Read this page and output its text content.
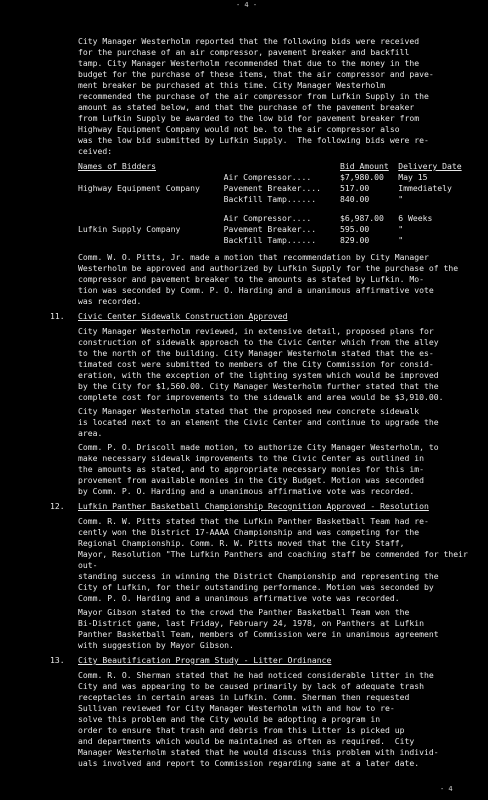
- 4 -
City Manager Westerholm reported that the following bids were received
for the purchase of an air compressor, pavement breaker and backfill
tamp. City Manager Westerholm recommended that due to the money in the
budget for the purchase of these items, that the air compressor and pave-
ment breaker be purchased at this time. City Manager Westerholm
recommended the purchase of the air compressor from Lufkin Supply in the
amount as stated below, and that the purchase of the pavement breaker
from Lufkin Supply be awarded to the low bid for pavement breaker from
Highway Equipment Company would not be. to the air compressor also
was the low bid submitted by Lufkin Supply.  The following bids were re-
ceived:
Names of Bidders		Bid Amount	Delivery Date
	Air Compressor....	$7,980.00	May 15
Highway Equipment Company	Pavement Breaker....	517.00	Immediately
	Backfill Tamp......	840.00	"

	Air Compressor....	$6,987.00	6 Weeks
Lufkin Supply Company	Pavement Breaker...	595.00	"
	Backfill Tamp......	829.00	"
Comm. W. O. Pitts, Jr. made a motion that recommendation by City Manager
Westerholm be approved and authorized by Lufkin Supply for the purchase of the
compressor and pavement breaker to the amounts as stated by Lufkin. Mo-
tion was seconded by Comm. P. O. Harding and a unanimous affirmative vote
was recorded.
11. Civic Center Sidewalk Construction Approved
City Manager Westerholm reviewed, in extensive detail, proposed plans for
construction of sidewalk approach to the Civic Center which from the alley
to the north of the building. City Manager Westerholm stated that the es-
timated cost were submitted to members of the City Commission for consid-
eration, with the exception of the lighting system which would be improved
by the City for $1,560.00. City Manager Westerholm further stated that the
complete cost for improvements to the sidewalk and area would be $3,910.00.
City Manager Westerholm stated that the proposed new concrete sidewalk
is located next to an element the Civic Center and continue to upgrade the
area.
Comm. P. O. Driscoll made motion, to authorize City Manager Westerholm, to
make necessary sidewalk improvements to the Civic Center as outlined in
the amounts as stated, and to appropriate necessary monies for this im-
provement from available monies in the City Budget. Motion was seconded
by Comm. P. O. Harding and a unanimous affirmative vote was recorded.
12. Lufkin Panther Basketball Championship Recognition Approved - Resolution
Comm. R. W. Pitts stated that the Lufkin Panther Basketball Team had re-
cently won the District 17-AAAA Championship and was competing for the
Regional Championship. Comm. R. W. Pitts moved that the City Staff,
Mayor, Resolution "The Lufkin Panthers and coaching staff be commended for their out-
standing success in winning the District Championship and representing the
City of Lufkin, for their outstanding performance. Motion was seconded by
Comm. P. O. Harding and a unanimous affirmative vote was recorded.
Mayor Gibson stated to the crowd the Panther Basketball Team won the
Bi-District game, last Friday, February 24, 1978, on Panthers at Lufkin
Panther Basketball Team, members of Commission were in unanimous agreement
with suggestion by Mayor Gibson.
13. City Beautification Program Study - Litter Ordinance
Comm. R. O. Sherman stated that he had noticed considerable litter in the
City and was appearing to be caused primarily by lack of adequate trash
receptacles in certain areas in Lufkin. Comm. Sherman then requested
Sullivan reviewed for City Manager Westerholm with and how to re-
solve this problem and the City would be adopting a program in
order to ensure that trash and debris from this Litter is picked up
and departments which would be maintained as often as required.  City
Manager Westerholm stated that he would discuss this problem with individ-
uals involved and report to Commission regarding same at a later date.
- 4
